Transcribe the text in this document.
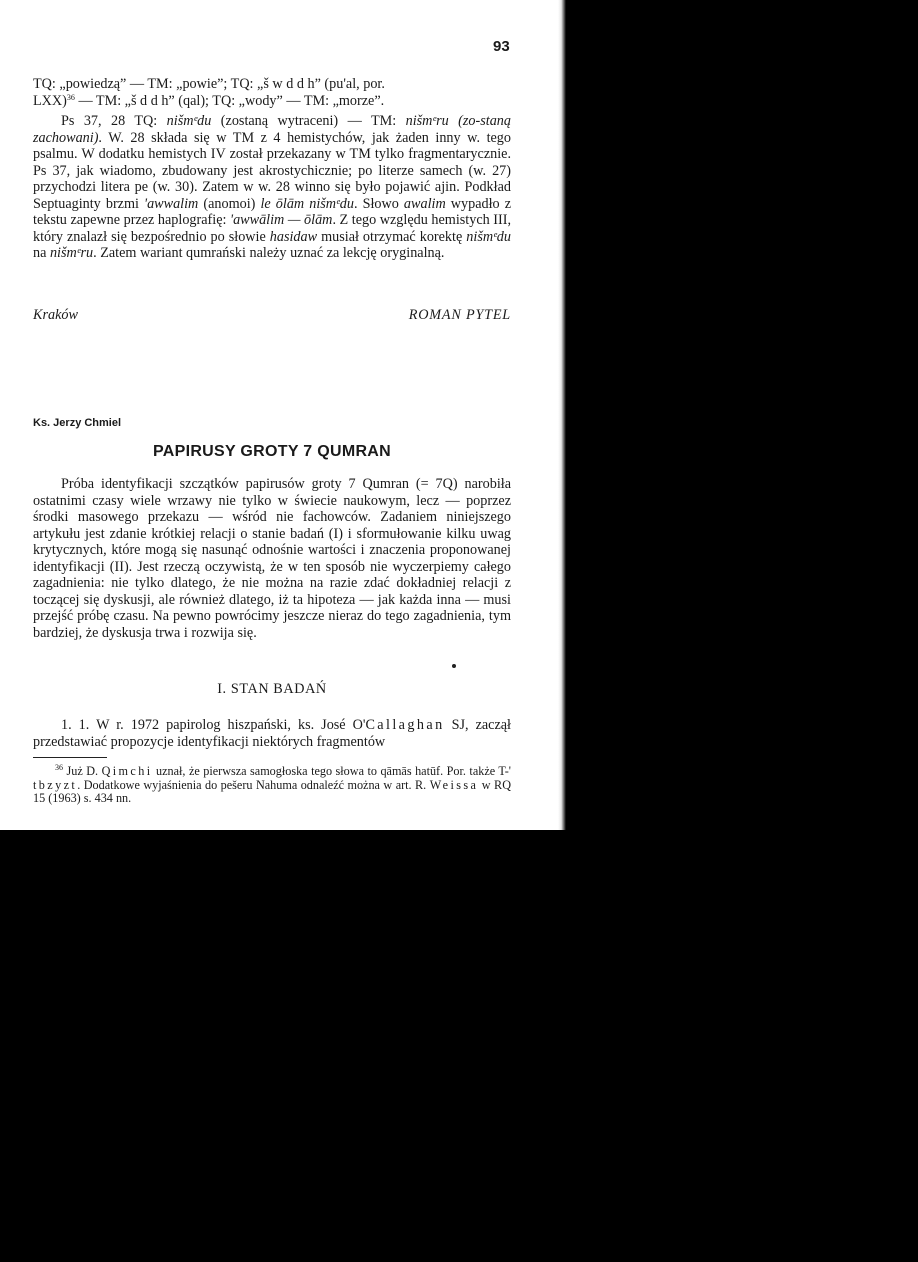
93

TQ: „powiedzą” — TM: „powie”; TQ: „š w d d h” (pu'al, por.

LXX)$^{36}$ — TM: „š d d h” (qal); TQ: „wody” — TM: „morze”.

Ps 37, 28 TQ: nišmᵉdu (zostaną wytraceni) — TM: nišmᵉru (zo-staną zachowani). W. 28 składa się w TM z 4 hemistychów, jak żaden inny w. tego psalmu. W dodatku hemistych IV został przekazany w TM tylko fragmentarycznie. Ps 37, jak wiadomo, zbudowany jest akrostychicznie; po literze samech (w. 27) przychodzi litera pe (w. 30). Zatem w w. 28 winno się było pojawić ajin. Podkład Septuaginty brzmi 'awwalim (anomoi) le ōlām nišmᵉdu. Słowo awalim wypadło z tekstu zapewne przez haplografię: 'awwālim — ōlām. Z tego względu hemistych III, który znalazł się bezpośrednio po słowie hasidaw musiał otrzymać korektę nišmᵉdu na nišmᵉru. Zatem wariant qumrański należy uznać za lekcję oryginalną.

Kraków	ROMAN PYTEL
Ks. Jerzy Chmiel
PAPIRUSY GROTY 7 QUMRAN

Próba identyfikacji szczątków papirusów groty 7 Qumran (= 7Q) narobiła ostatnimi czasy wiele wrzawy nie tylko w świecie naukowym, lecz — poprzez środki masowego przekazu — wśród nie fachowców. Zadaniem niniejszego artykułu jest zdanie krótkiej relacji o stanie badań (I) i sformułowanie kilku uwag krytycznych, które mogą się nasunąć odnośnie wartości i znaczenia proponowanej identyfikacji (II). Jest rzeczą oczywistą, że w ten sposób nie wyczerpiemy całego zagadnienia: nie tylko dlatego, że nie można na razie zdać dokładniej relacji z toczącej się dyskusji, ale również dlatego, iż ta hipoteza — jak każda inna — musi przejść próbę czasu. Na pewno powrócimy jeszcze nieraz do tego zagadnienia, tym bardziej, że dyskusja trwa i rozwija się.

I. STAN BADAŃ

1. 1. W r. 1972 papirolog hiszpański, ks. José O'Callaghan SJ, zaczął przedstawiać propozycje identyfikacji niektórych fragmentów

$^{36}$ Już D. Qimchi uznał, że pierwsza samogłoska tego słowa to qāmās hatūf. Por. także T-' tbzyzt. Dodatkowe wyjaśnienia do pešeru Nahuma odnaleźć można w art. R. Weissa w RQ 15 (1963) s. 434 nn.
